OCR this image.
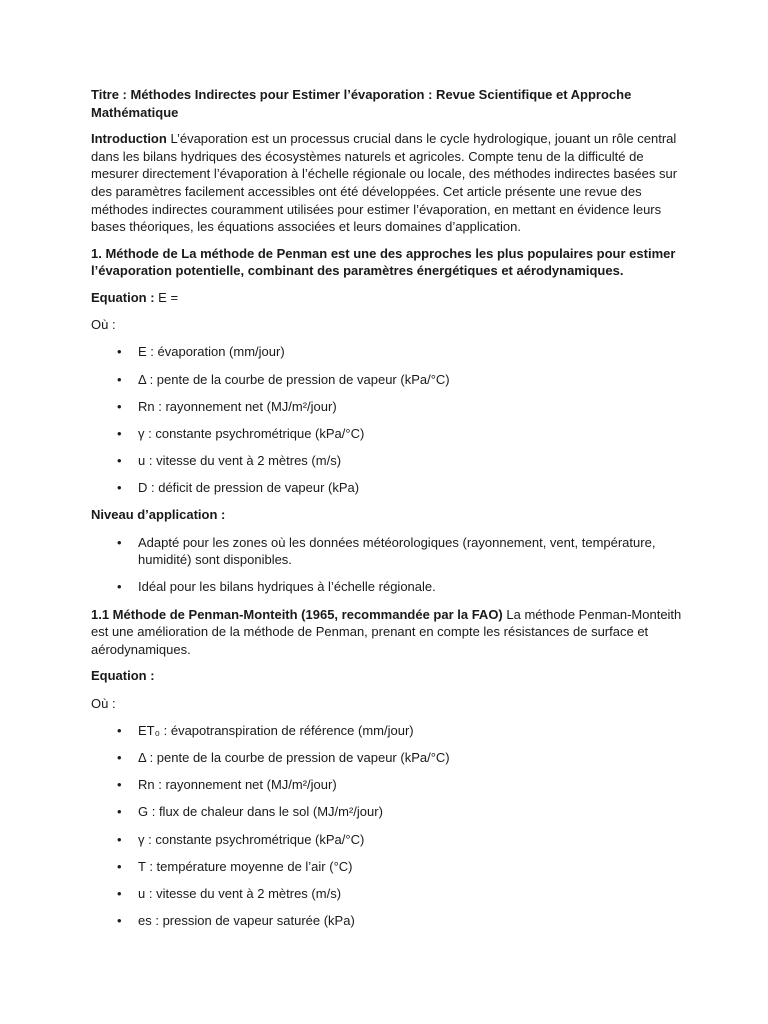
Titre : Méthodes Indirectes pour Estimer l’évaporation : Revue Scientifique et Approche Mathématique

Introduction L’évaporation est un processus crucial dans le cycle hydrologique, jouant un rôle central dans les bilans hydriques des écosystèmes naturels et agricoles. Compte tenu de la difficulté de mesurer directement l’évaporation à l’échelle régionale ou locale, des méthodes indirectes basées sur des paramètres facilement accessibles ont été développées. Cet article présente une revue des méthodes indirectes couramment utilisées pour estimer l’évaporation, en mettant en évidence leurs bases théoriques, les équations associées et leurs domaines d’application.

1. Méthode de La méthode de Penman est une des approches les plus populaires pour estimer l’évaporation potentielle, combinant des paramètres énergétiques et aérodynamiques.

Equation : E =

Où :

• E : évaporation (mm/jour)
• Δ : pente de la courbe de pression de vapeur (kPa/°C)
• Rn : rayonnement net (MJ/m²/jour)
• γ : constante psychrométrique (kPa/°C)
• u : vitesse du vent à 2 mètres (m/s)
• D : déficit de pression de vapeur (kPa)

Niveau d’application :

• Adapté pour les zones où les données météorologiques (rayonnement, vent, température, humidité) sont disponibles.
• Idéal pour les bilans hydriques à l’échelle régionale.

1.1 Méthode de Penman-Monteith (1965, recommandée par la FAO) La méthode Penman-Monteith est une amélioration de la méthode de Penman, prenant en compte les résistances de surface et aérodynamiques.

Equation :

Où :

• ET₀ : évapotranspiration de référence (mm/jour)
• Δ : pente de la courbe de pression de vapeur (kPa/°C)
• Rn : rayonnement net (MJ/m²/jour)
• G : flux de chaleur dans le sol (MJ/m²/jour)
• γ : constante psychrométrique (kPa/°C)
• T : température moyenne de l’air (°C)
• u : vitesse du vent à 2 mètres (m/s)
• es : pression de vapeur saturée (kPa)
